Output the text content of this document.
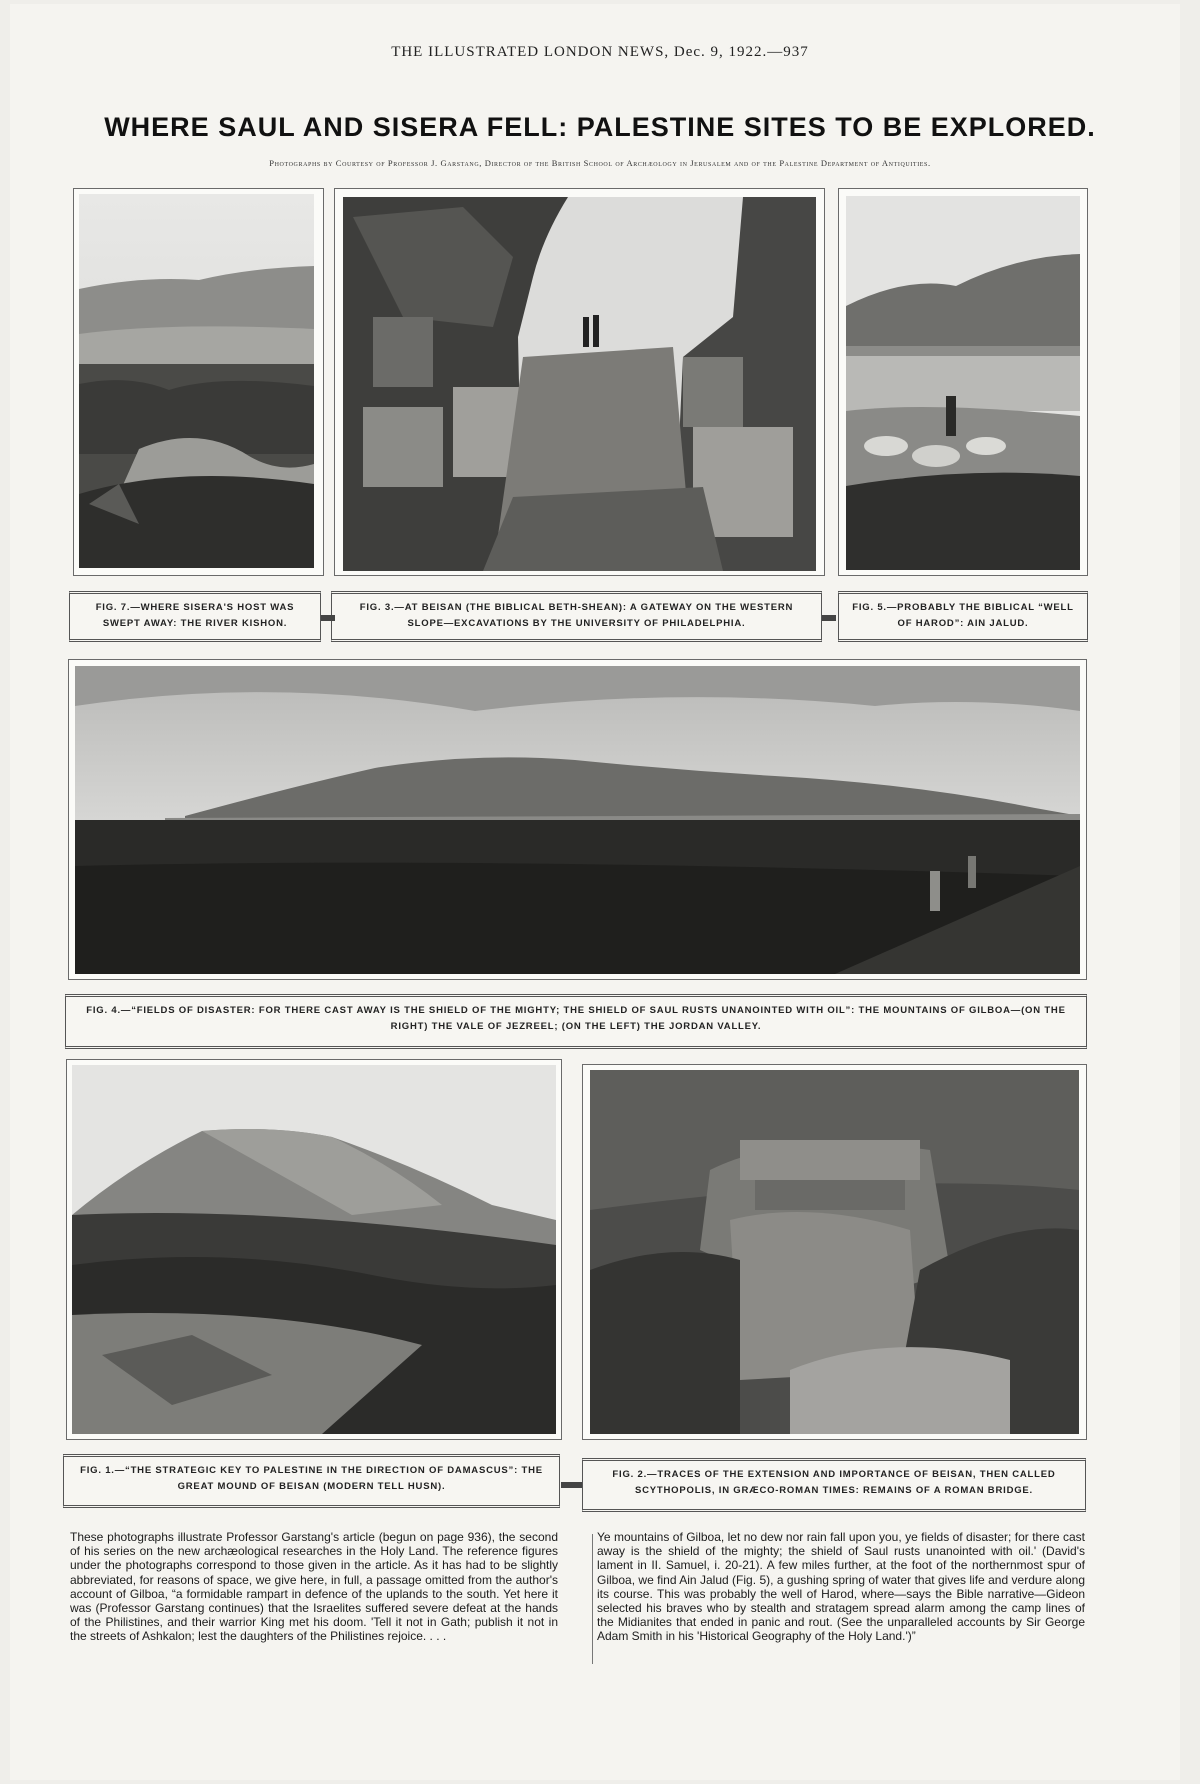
THE ILLUSTRATED LONDON NEWS, Dec. 9, 1922.—937
WHERE SAUL AND SISERA FELL: PALESTINE SITES TO BE EXPLORED.
Photographs by Courtesy of Professor J. Garstang, Director of the British School of Archæology in Jerusalem and of the Palestine Department of Antiquities.
FIG. 7.—WHERE SISERA'S HOST WAS SWEPT AWAY: THE RIVER KISHON.
FIG. 3.—AT BEISAN (THE BIBLICAL BETH-SHEAN): A GATEWAY ON THE WESTERN SLOPE—EXCAVATIONS BY THE UNIVERSITY OF PHILADELPHIA.
FIG. 5.—PROBABLY THE BIBLICAL “WELL OF HAROD”: AIN JALUD.
FIG. 4.—“FIELDS OF DISASTER: FOR THERE CAST AWAY IS THE SHIELD OF THE MIGHTY; THE SHIELD OF SAUL RUSTS UNANOINTED WITH OIL”: THE MOUNTAINS OF GILBOA—(ON THE RIGHT) THE VALE OF JEZREEL; (ON THE LEFT) THE JORDAN VALLEY.
FIG. 1.—“THE STRATEGIC KEY TO PALESTINE IN THE DIRECTION OF DAMASCUS”: THE GREAT MOUND OF BEISAN (MODERN TELL HUSN).
FIG. 2.—TRACES OF THE EXTENSION AND IMPORTANCE OF BEISAN, THEN CALLED SCYTHOPOLIS, IN GRÆCO-ROMAN TIMES: REMAINS OF A ROMAN BRIDGE.
These photographs illustrate Professor Garstang's article (begun on page 936), the second of his series on the new archæological researches in the Holy Land. The reference figures under the photographs correspond to those given in the article. As it has had to be slightly abbreviated, for reasons of space, we give here, in full, a passage omitted from the author's account of Gilboa, “a formidable rampart in defence of the uplands to the south. Yet here it was (Professor Garstang continues) that the Israelites suffered severe defeat at the hands of the Philistines, and their warrior King met his doom. 'Tell it not in Gath; publish it not in the streets of Ashkalon; lest the daughters of the Philistines rejoice. . . .
Ye mountains of Gilboa, let no dew nor rain fall upon you, ye fields of disaster; for there cast away is the shield of the mighty; the shield of Saul rusts unanointed with oil.' (David's lament in II. Samuel, i. 20-21). A few miles further, at the foot of the northernmost spur of Gilboa, we find Ain Jalud (Fig. 5), a gushing spring of water that gives life and verdure along its course. This was probably the well of Harod, where—says the Bible narrative—Gideon selected his braves who by stealth and stratagem spread alarm among the camp lines of the Midianites that ended in panic and rout. (See the unparalleled accounts by Sir George Adam Smith in his 'Historical Geography of the Holy Land.')”
